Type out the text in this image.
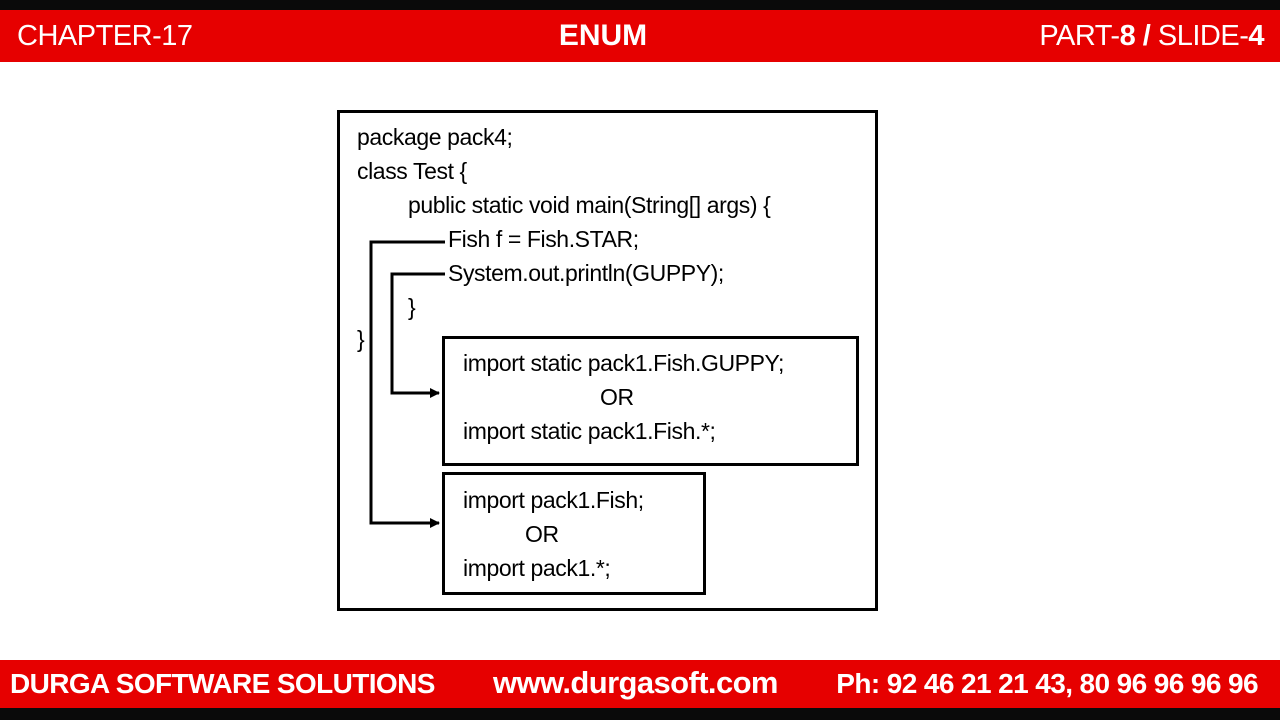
CHAPTER-17	ENUM	PART-8 / SLIDE-4
package pack4;
class Test {
public static void main(String[] args) {
Fish f = Fish.STAR;
System.out.println(GUPPY);
}
}
import static pack1.Fish.GUPPY;
OR
import static pack1.Fish.*;
import pack1.Fish;
OR
import pack1.*;
DURGA SOFTWARE SOLUTIONS www.durgasoft.com Ph: 92 46 21 21 43, 80 96 96 96 96
